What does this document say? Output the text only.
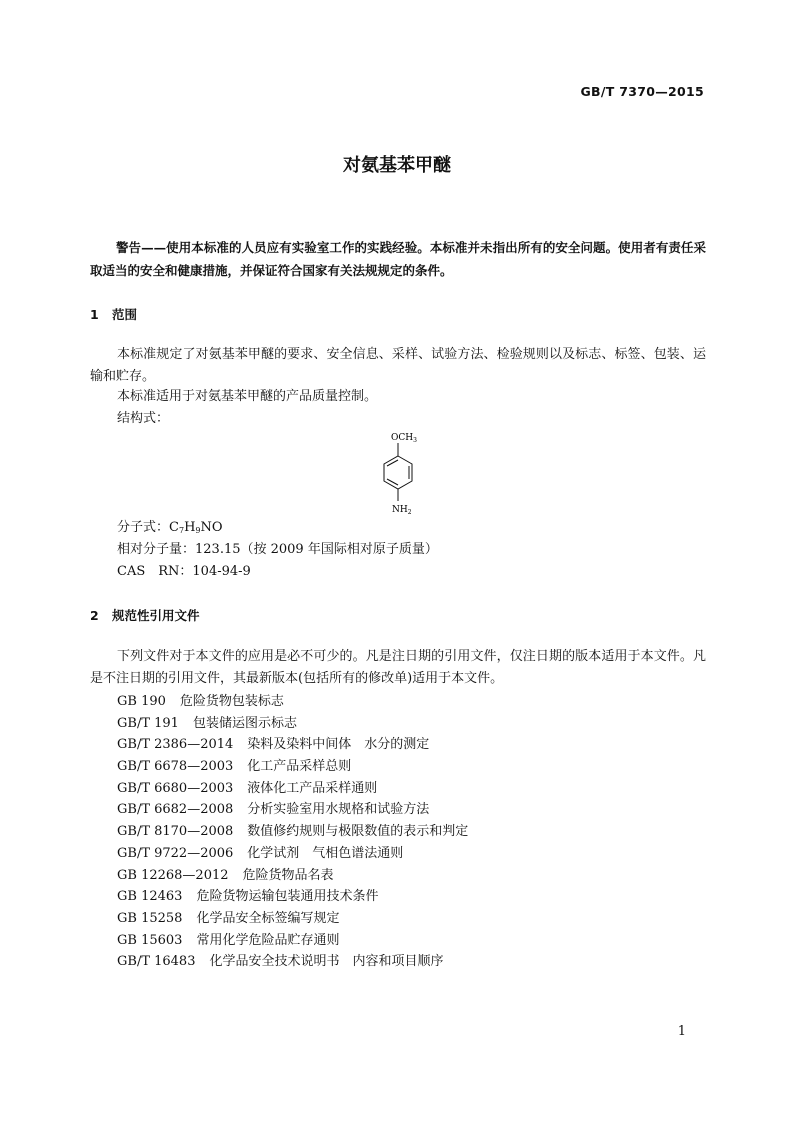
GB/T 7370—2015
对氨基苯甲醚
警告——使用本标准的人员应有实验室工作的实践经验。本标准并未指出所有的安全问题。使用者有责任采取适当的安全和健康措施，并保证符合国家有关法规规定的条件。
1 范围
本标准规定了对氨基苯甲醚的要求、安全信息、采样、试验方法、检验规则以及标志、标签、包装、运输和贮存。
本标准适用于对氨基苯甲醚的产品质量控制。
结构式：
$OCH_3$
$NH_2$
分子式：$C_7H_9NO$
相对分子量：123.15（按 2009 年国际相对原子质量）
CAS　RN：104-94-9
2 规范性引用文件
下列文件对于本文件的应用是必不可少的。凡是注日期的引用文件，仅注日期的版本适用于本文件。凡是不注日期的引用文件，其最新版本(包括所有的修改单)适用于本文件。
GB 190 危险货物包装标志
GB/T 191 包装储运图示标志
GB/T 2386—2014 染料及染料中间体　水分的测定
GB/T 6678—2003 化工产品采样总则
GB/T 6680—2003 液体化工产品采样通则
GB/T 6682—2008 分析实验室用水规格和试验方法
GB/T 8170—2008 数值修约规则与极限数值的表示和判定
GB/T 9722—2006 化学试剂　气相色谱法通则
GB 12268—2012 危险货物品名表
GB 12463 危险货物运输包装通用技术条件
GB 15258 化学品安全标签编写规定
GB 15603 常用化学危险品贮存通则
GB/T 16483 化学品安全技术说明书　内容和项目顺序
1
